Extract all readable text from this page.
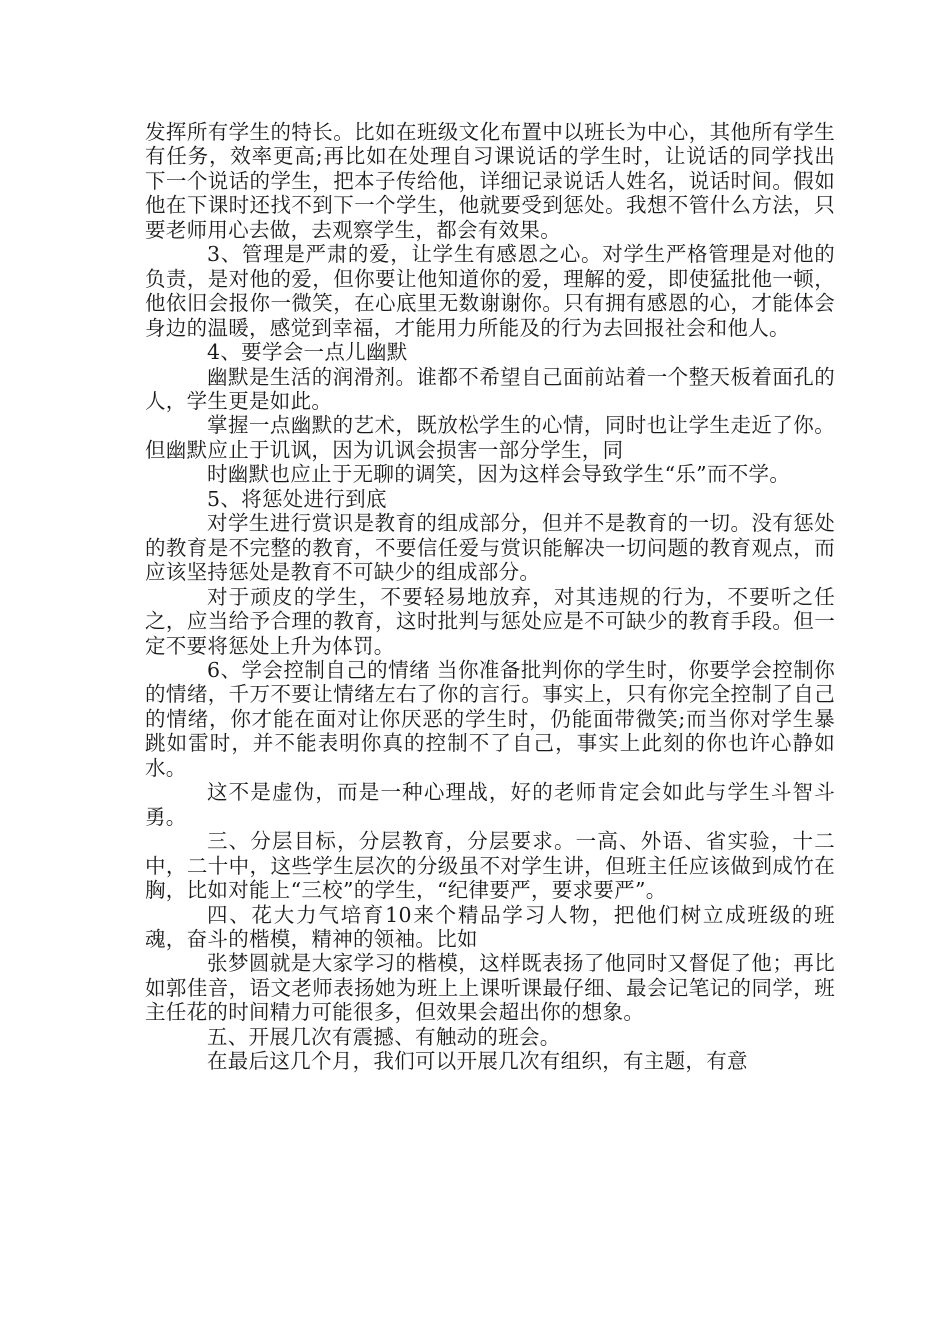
发挥所有学生的特长。比如在班级文化布置中以班长为中心，其他所有学生有任务，效率更高;再比如在处理自习课说话的学生时，让说话的同学找出下一个说话的学生，把本子传给他，详细记录说话人姓名，说话时间。假如他在下课时还找不到下一个学生，他就要受到惩处。我想不管什么方法，只要老师用心去做，去观察学生，都会有效果。

3、管理是严肃的爱，让学生有感恩之心。对学生严格管理是对他的负责，是对他的爱，但你要让他知道你的爱，理解的爱，即使猛批他一顿，他依旧会报你一微笑，在心底里无数谢谢你。只有拥有感恩的心，才能体会身边的温暖，感觉到幸福，才能用力所能及的行为去回报社会和他人。

4、要学会一点儿幽默

幽默是生活的润滑剂。谁都不希望自己面前站着一个整天板着面孔的人，学生更是如此。

掌握一点幽默的艺术，既放松学生的心情，同时也让学生走近了你。但幽默应止于讥讽，因为讥讽会损害一部分学生，同

时幽默也应止于无聊的调笑，因为这样会导致学生“乐”而不学。

5、将惩处进行到底

对学生进行赏识是教育的组成部分，但并不是教育的一切。没有惩处的教育是不完整的教育，不要信任爱与赏识能解决一切问题的教育观点，而应该坚持惩处是教育不可缺少的组成部分。

对于顽皮的学生，不要轻易地放弃，对其违规的行为，不要听之任之，应当给予合理的教育，这时批判与惩处应是不可缺少的教育手段。但一定不要将惩处上升为体罚。

6、学会控制自己的情绪 当你准备批判你的学生时，你要学会控制你的情绪，千万不要让情绪左右了你的言行。事实上，只有你完全控制了自己的情绪，你才能在面对让你厌恶的学生时，仍能面带微笑;而当你对学生暴跳如雷时，并不能表明你真的控制不了自己，事实上此刻的你也许心静如水。

这不是虚伪，而是一种心理战，好的老师肯定会如此与学生斗智斗勇。

三、分层目标，分层教育，分层要求。一高、外语、省实验，十二中，二十中，这些学生层次的分级虽不对学生讲，但班主任应该做到成竹在胸，比如对能上“三校”的学生，“纪律要严，要求要严”。

四、花大力气培育10来个精品学习人物，把他们树立成班级的班魂，奋斗的楷模，精神的领袖。比如

张梦圆就是大家学习的楷模，这样既表扬了他同时又督促了他；再比如郭佳音，语文老师表扬她为班上上课听课最仔细、最会记笔记的同学，班主任花的时间精力可能很多，但效果会超出你的想象。

五、开展几次有震撼、有触动的班会。

在最后这几个月，我们可以开展几次有组织，有主题，有意
